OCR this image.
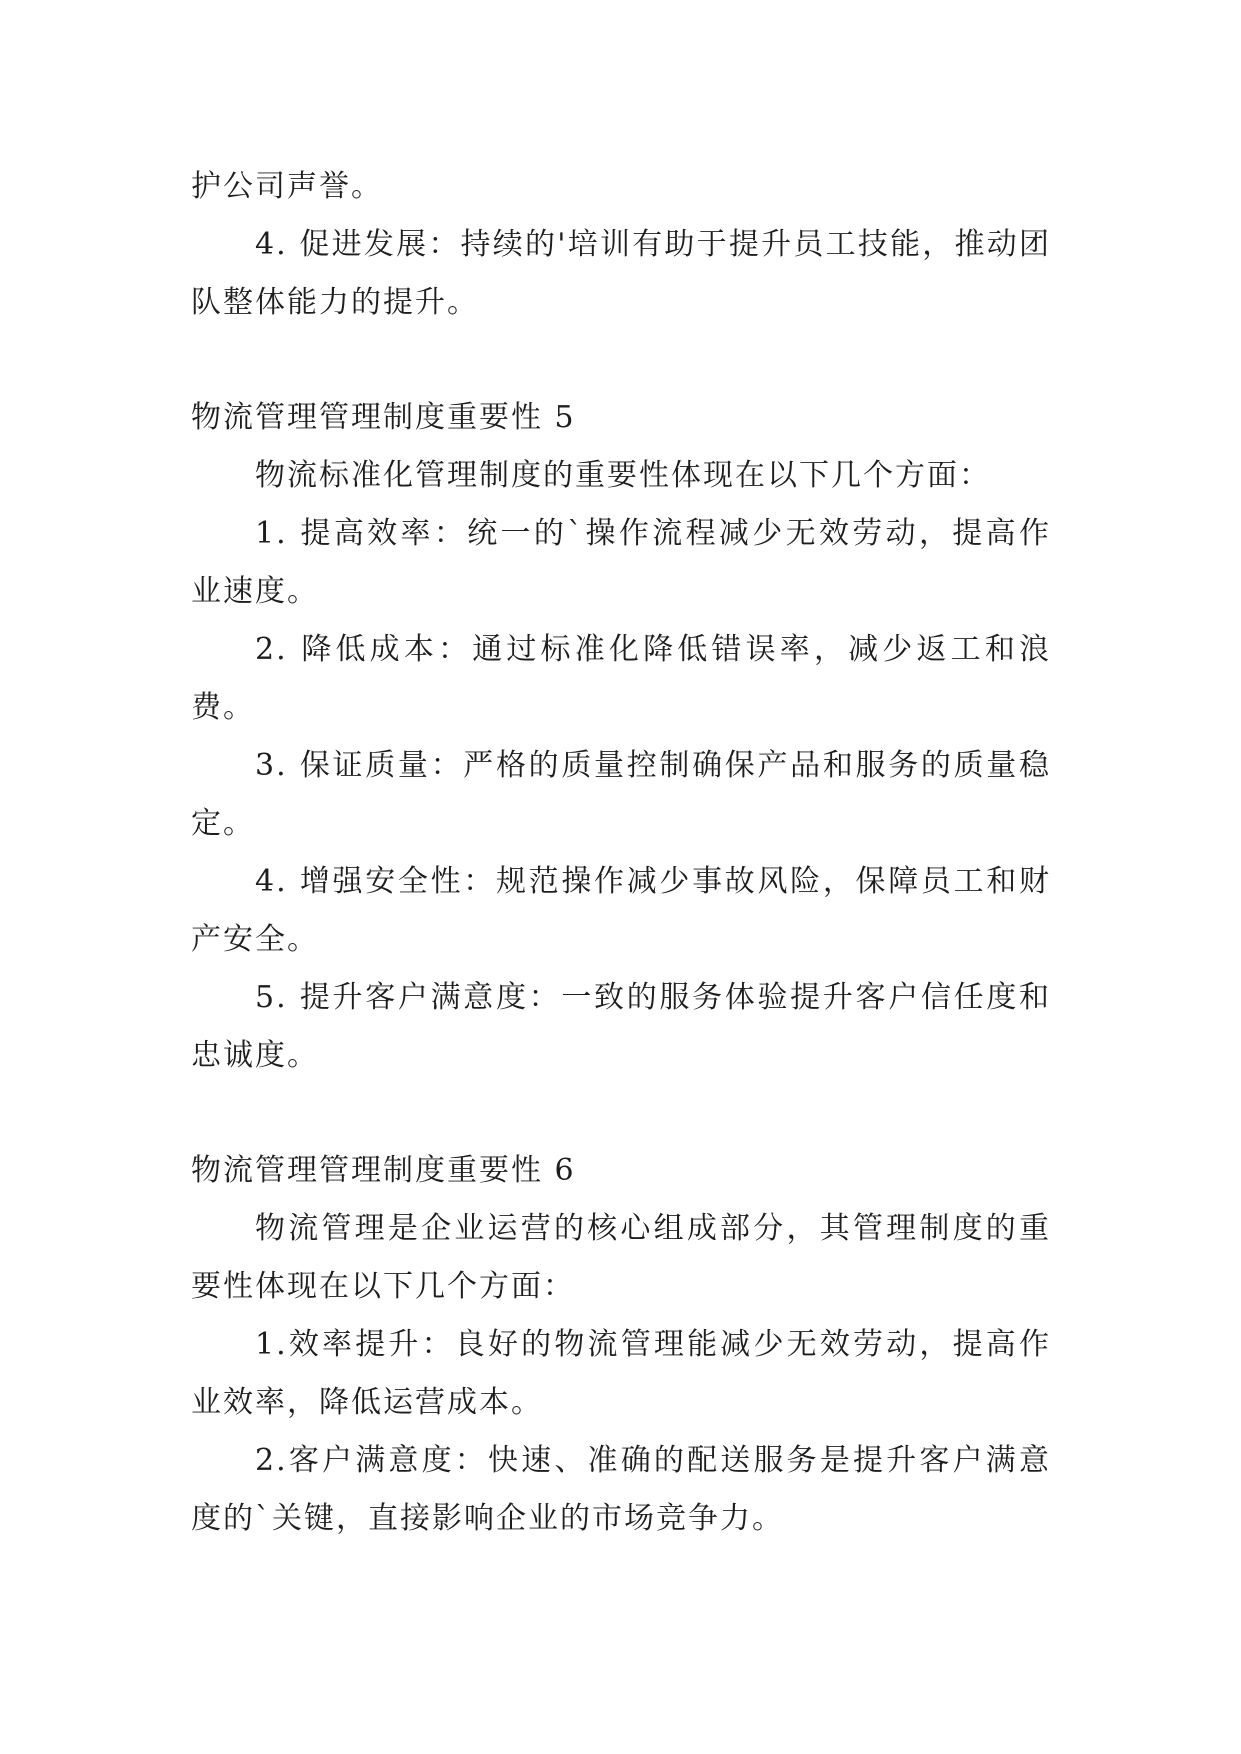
护公司声誉。

4. 促进发展：持续的'培训有助于提升员工技能，推动团队整体能力的提升。

物流管理管理制度重要性 5

物流标准化管理制度的重要性体现在以下几个方面：

1. 提高效率：统一的`操作流程减少无效劳动，提高作业速度。

2. 降低成本：通过标准化降低错误率，减少返工和浪费。

3. 保证质量：严格的质量控制确保产品和服务的质量稳定。

4. 增强安全性：规范操作减少事故风险，保障员工和财产安全。

5. 提升客户满意度：一致的服务体验提升客户信任度和忠诚度。

物流管理管理制度重要性 6

物流管理是企业运营的核心组成部分，其管理制度的重要性体现在以下几个方面：

1.效率提升：良好的物流管理能减少无效劳动，提高作业效率，降低运营成本。

2.客户满意度：快速、准确的配送服务是提升客户满意度的`关键，直接影响企业的市场竞争力。
